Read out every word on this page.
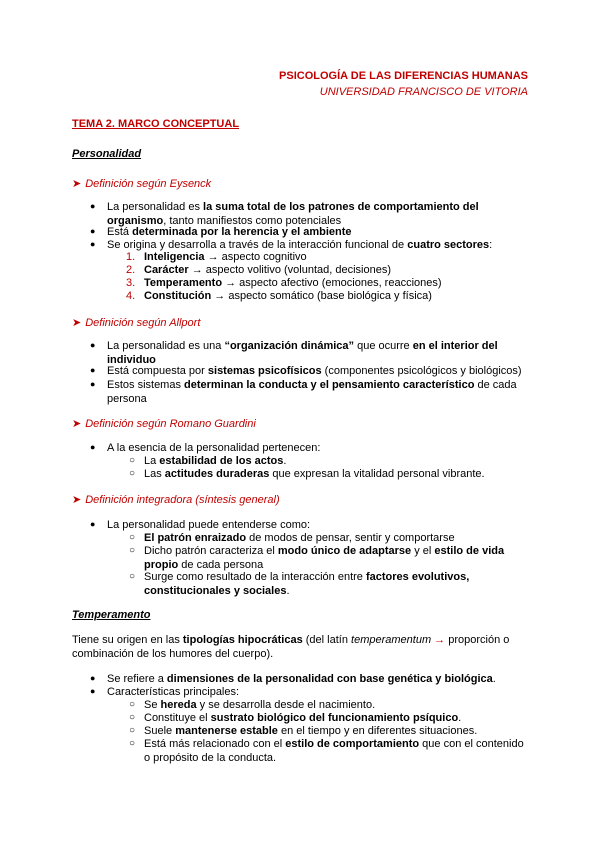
PSICOLOGÍA DE LAS DIFERENCIAS HUMANAS
UNIVERSIDAD FRANCISCO DE VITORIA
TEMA 2. MARCO CONCEPTUAL
Personalidad
➤ Definición según Eysenck
● La personalidad es la suma total de los patrones de comportamiento del organismo, tanto manifiestos como potenciales
● Está determinada por la herencia y el ambiente
● Se origina y desarrolla a través de la interacción funcional de cuatro sectores:
1. Inteligencia → aspecto cognitivo
2. Carácter → aspecto volitivo (voluntad, decisiones)
3. Temperamento → aspecto afectivo (emociones, reacciones)
4. Constitución → aspecto somático (base biológica y física)
➤ Definición según Allport
● La personalidad es una “organización dinámica” que ocurre en el interior del individuo
● Está compuesta por sistemas psicofísicos (componentes psicológicos y biológicos)
● Estos sistemas determinan la conducta y el pensamiento característico de cada persona
➤ Definición según Romano Guardini
● A la esencia de la personalidad pertenecen:
○ La estabilidad de los actos.
○ Las actitudes duraderas que expresan la vitalidad personal vibrante.
➤ Definición integradora (síntesis general)
● La personalidad puede entenderse como:
○ El patrón enraizado de modos de pensar, sentir y comportarse
○ Dicho patrón caracteriza el modo único de adaptarse y el estilo de vida propio de cada persona
○ Surge como resultado de la interacción entre factores evolutivos, constitucionales y sociales.
Temperamento
Tiene su origen en las tipologías hipocráticas (del latín temperamentum → proporción o combinación de los humores del cuerpo).
● Se refiere a dimensiones de la personalidad con base genética y biológica.
● Características principales:
○ Se hereda y se desarrolla desde el nacimiento.
○ Constituye el sustrato biológico del funcionamiento psíquico.
○ Suele mantenerse estable en el tiempo y en diferentes situaciones.
○ Está más relacionado con el estilo de comportamiento que con el contenido o propósito de la conducta.
